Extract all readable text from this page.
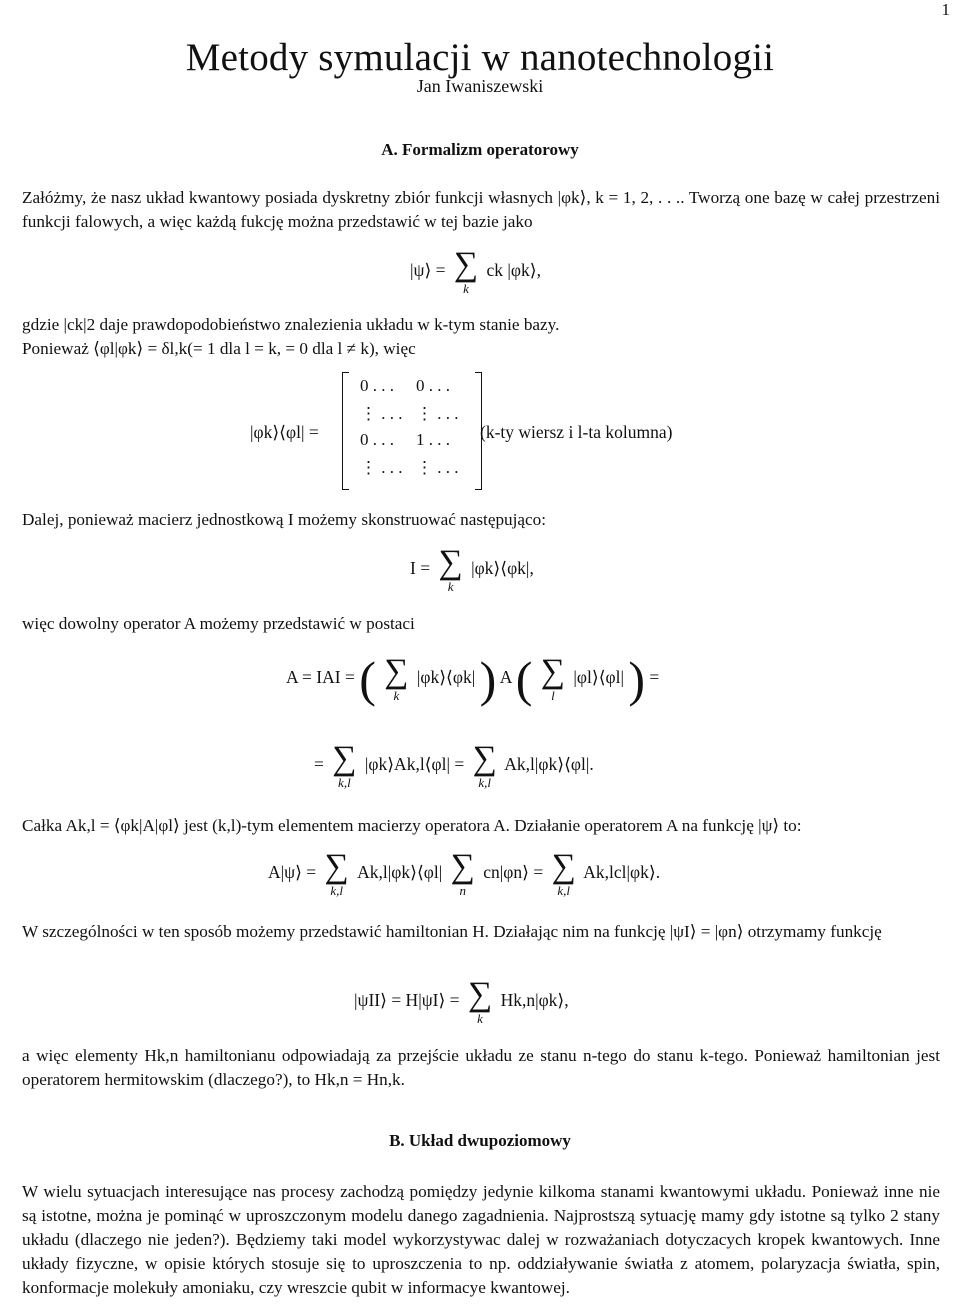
1
Metody symulacji w nanotechnologii
Jan Iwaniszewski
A. Formalizm operatorowy
Załóżmy, że nasz układ kwantowy posiada dyskretny zbiór funkcji własnych |φk⟩, k = 1, 2, . . .. Tworzą one bazę w całej przestrzeni funkcji falowych, a więc każdą fukcję można przedstawić w tej bazie jako
|ψ⟩ = ∑
k
ck |φk⟩,
gdzie |ck|2 daje prawdopodobieństwo znalezienia układu w k-tym stanie bazy.
Ponieważ ⟨φl|φk⟩ = δl,k(= 1 dla l = k, = 0 dla l ≠ k), więc
|φk⟩⟨φl| =
0 . . . 0 . . .
⋮ . . . ⋮ . . .
0 . . . 1 . . .
⋮ . . . ⋮ . . .
(k-ty wiersz i l-ta kolumna)
Dalej, ponieważ macierz jednostkową I możemy skonstruować następująco:
I = ∑
k
|φk⟩⟨φk|,
więc dowolny operator A możemy przedstawić w postaci
A = IAI = ( ∑
k
|φk⟩⟨φk| ) A ( ∑
l
|φl⟩⟨φl| ) =
= ∑
k,l
|φk⟩Ak,l⟨φl| = ∑
k,l
Ak,l|φk⟩⟨φl|.
Całka Ak,l = ⟨φk|A|φl⟩ jest (k,l)-tym elementem macierzy operatora A. Działanie operatorem A na funkcję |ψ⟩ to:
A|ψ⟩ = ∑
k,l
Ak,l|φk⟩⟨φl| ∑
n
cn|φn⟩ = ∑
k,l
Ak,lcl|φk⟩.
W szczególności w ten sposób możemy przedstawić hamiltonian H. Działając nim na funkcję |ψI⟩ = |φn⟩ otrzymamy funkcję
|ψII⟩ = H|ψI⟩ = ∑
k
Hk,n|φk⟩,
a więc elementy Hk,n hamiltonianu odpowiadają za przejście układu ze stanu n-tego do stanu k-tego. Ponieważ hamiltonian jest operatorem hermitowskim (dlaczego?), to Hk,n = Hn,k.
B. Układ dwupoziomowy
W wielu sytuacjach interesujące nas procesy zachodzą pomiędzy jedynie kilkoma stanami kwantowymi układu. Ponieważ inne nie są istotne, można je pominąć w uproszczonym modelu danego zagadnienia. Najprostszą sytuację mamy gdy istotne są tylko 2 stany układu (dlaczego nie jeden?). Będziemy taki model wykorzystywac dalej w rozważaniach dotyczacych kropek kwantowych. Inne układy fizyczne, w opisie których stosuje się to uproszczenia to np. oddziaływanie światła z atomem, polaryzacja światła, spin, konformacje molekuły amoniaku, czy wreszcie qubit w informacye kwantowej.
